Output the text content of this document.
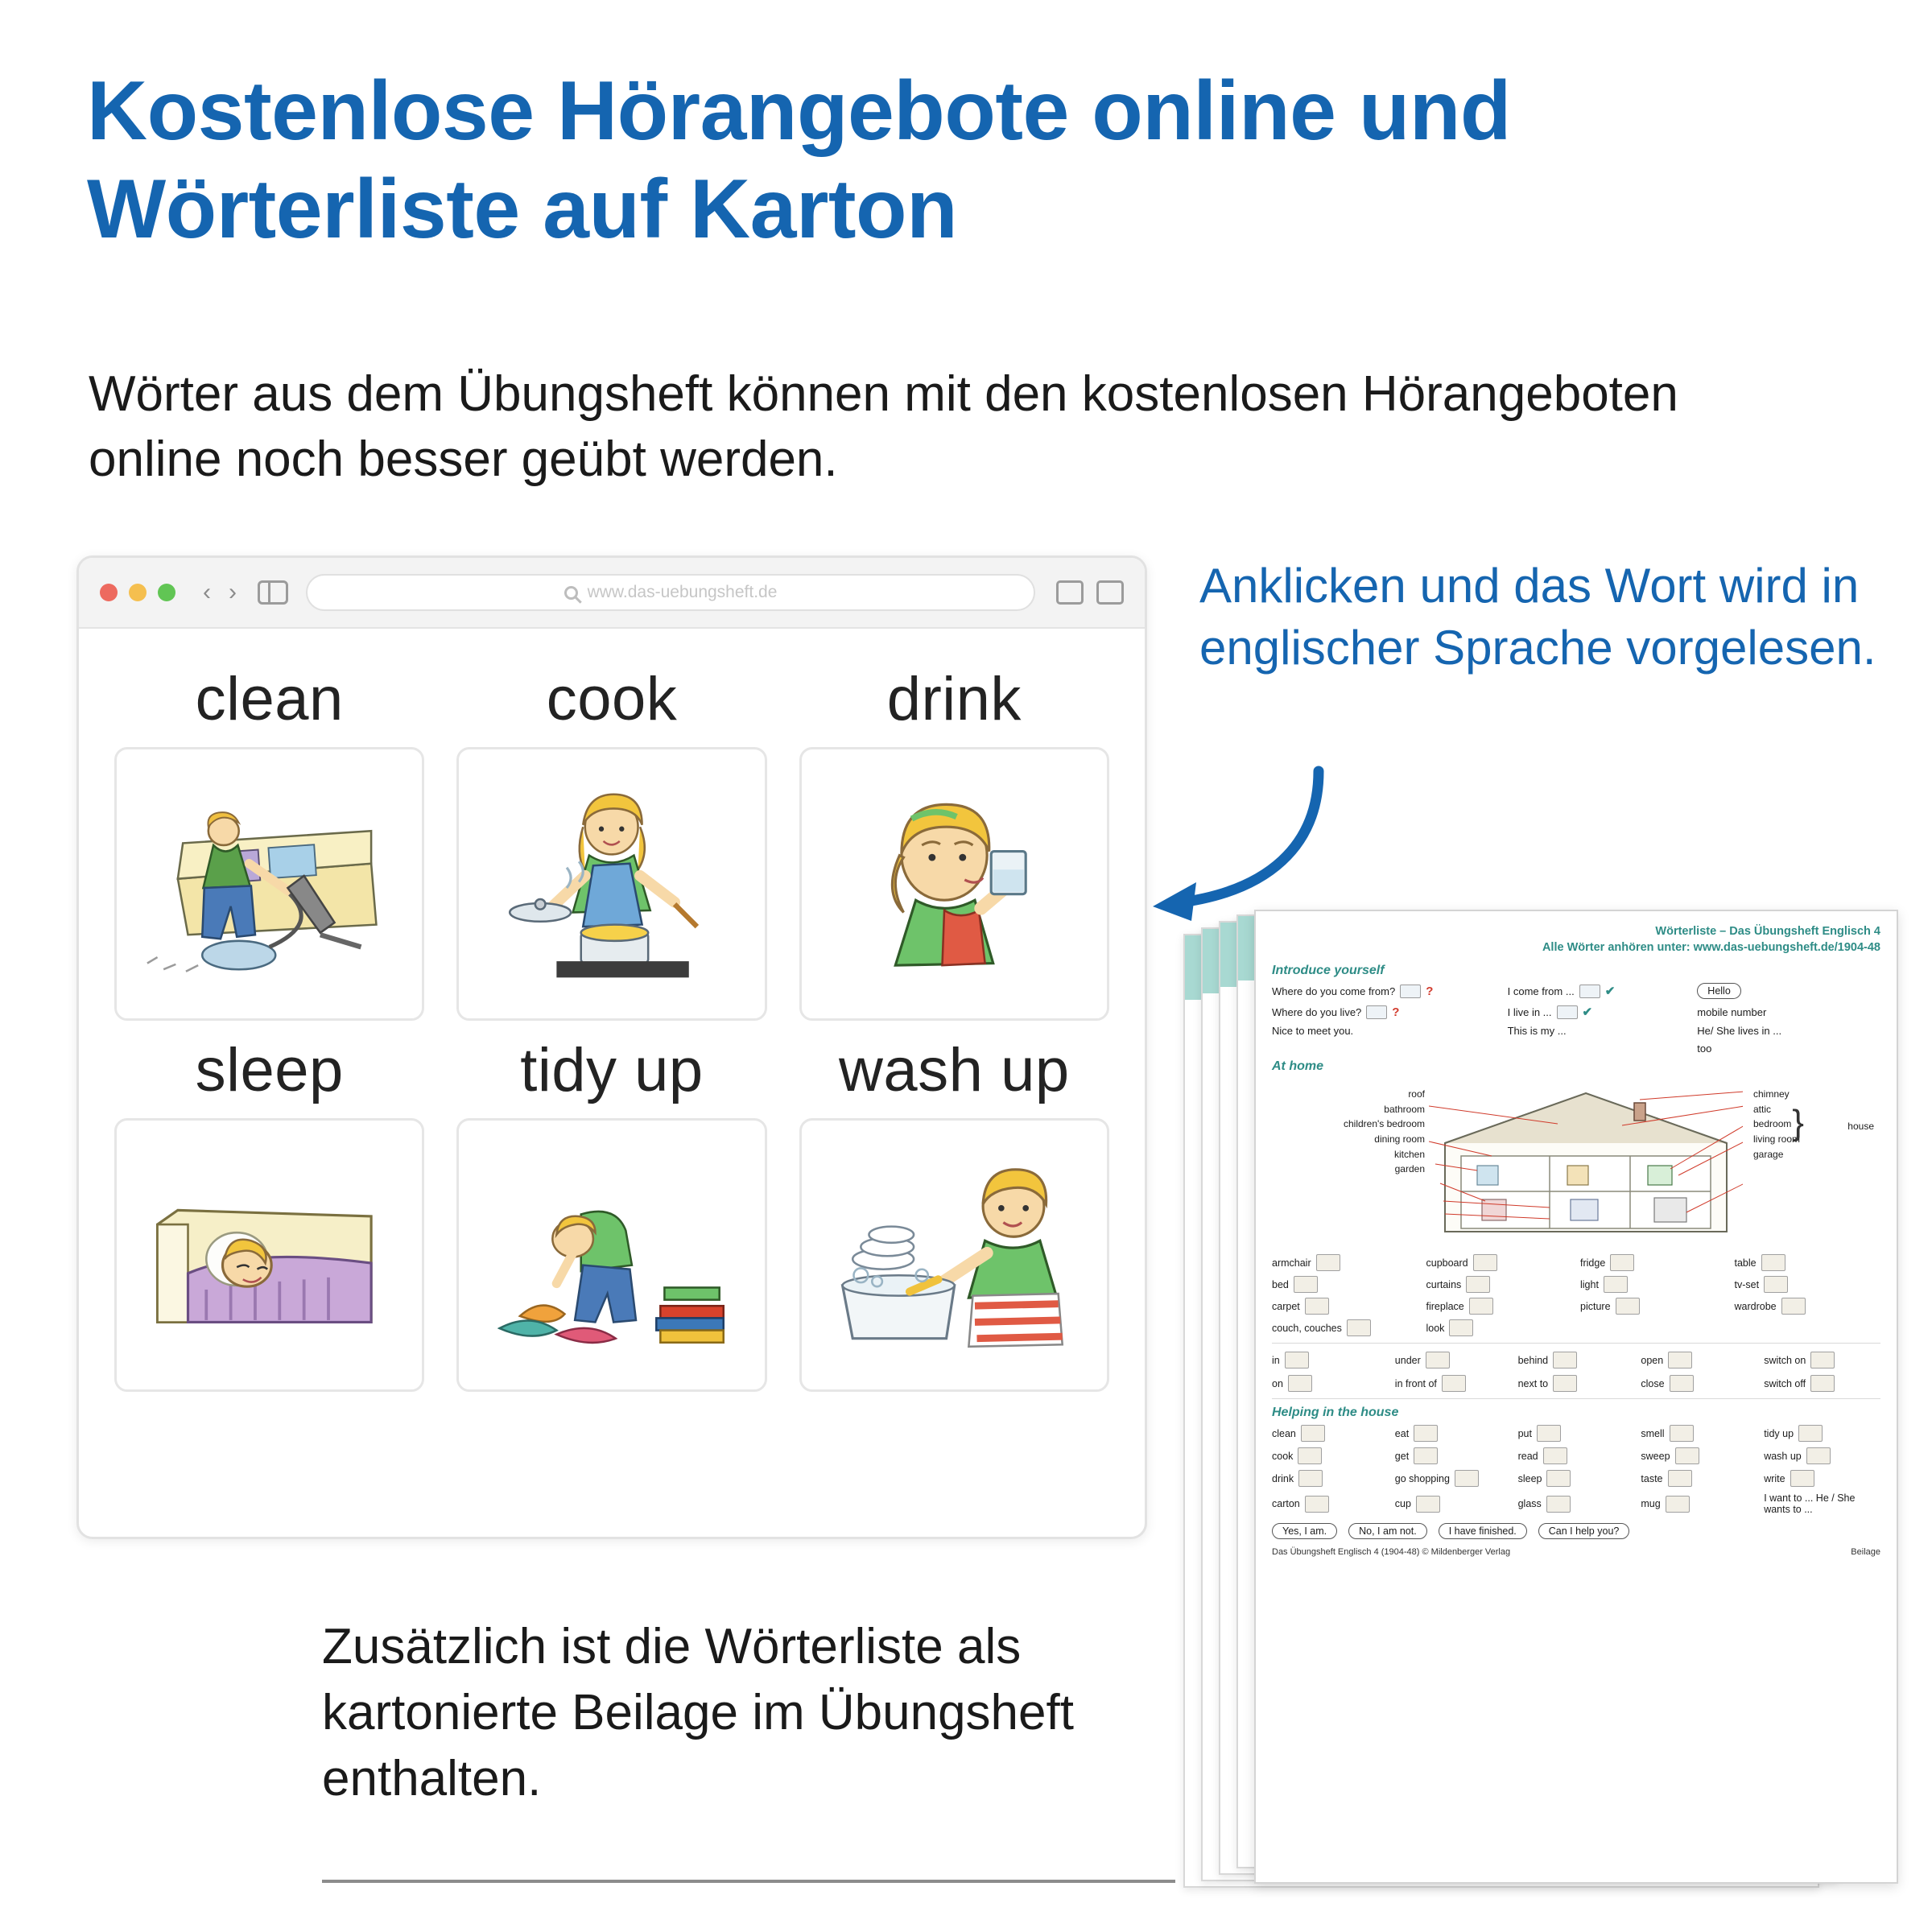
Kostenlose Hörangebote online und Wörterliste auf Karton
Wörter aus dem Übungsheft können mit den kostenlosen Hörangeboten online noch besser geübt werden.
‹ ›	www.das-uebungsheft.de
clean	cook	drink
sleep	tidy up	wash up
Anklicken und das Wort wird in englischer Sprache vorgelesen.
Wörterliste – Das Übungsheft Englisch 4
Alle Wörter anhören unter: www.das-uebungsheft.de/1904-48
Introduce yourself
Where do you come from?	?	I come from ...	✔	Hello
Where do you live?	?	I live in ...	✔	mobile number
Nice to meet you.	This is my ...	He/ She lives in ...
too
At home
roof
bathroom
children's bedroom
dining room
kitchen
garden
chimney
attic
bedroom
living room
garage
}	house
armchair	cupboard	fridge	table
bed	curtains	light	tv-set
carpet	fireplace	picture	wardrobe
couch, couches	look
in	under	behind	open	switch on
on	in front of	next to	close	switch off
Helping in the house
clean	eat	put	smell	tidy up
cook	get	read	sweep	wash up
drink	go shopping	sleep	taste	write
carton	cup	glass	mug	I want to ... He / She wants to ...
Yes, I am.	No, I am not.	I have finished.	Can I help you?
Das Übungsheft Englisch 4 (1904-48) © Mildenberger Verlag	Beilage
Zusätzlich ist die Wörterliste als kartonierte Beilage im Übungsheft enthalten.
